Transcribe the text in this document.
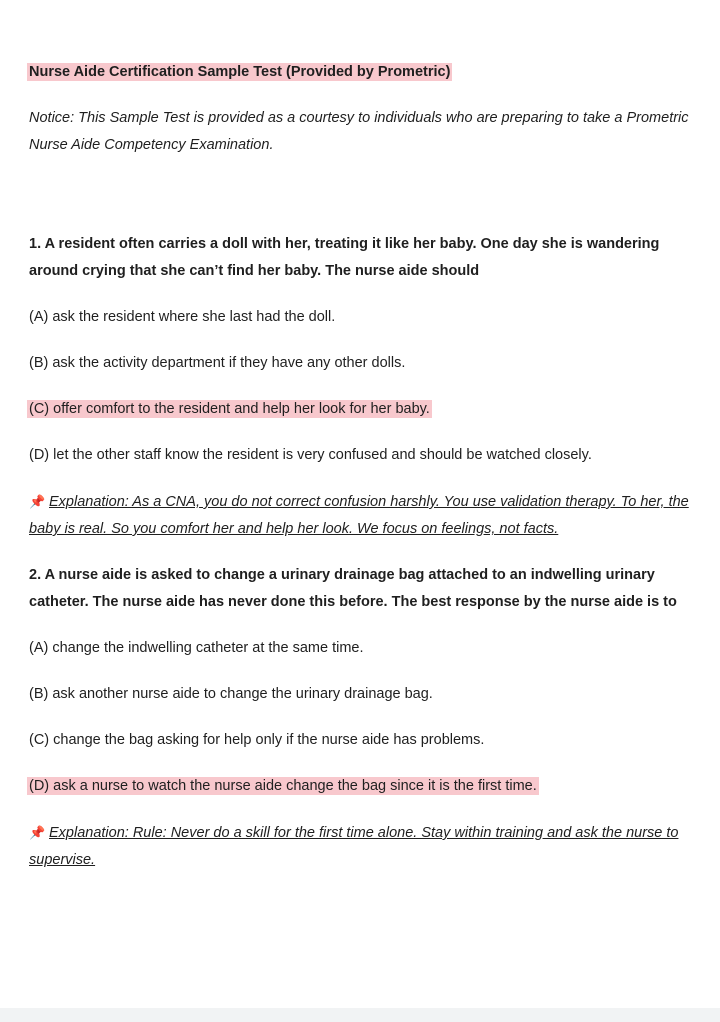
Nurse Aide Certification Sample Test (Provided by Prometric)

Notice: This Sample Test is provided as a courtesy to individuals who are preparing to take a Prometric Nurse Aide Competency Examination.

1. A resident often carries a doll with her, treating it like her baby. One day she is wandering around crying that she can’t find her baby. The nurse aide should

(A) ask the resident where she last had the doll.

(B) ask the activity department if they have any other dolls.

(C) offer comfort to the resident and help her look for her baby.

(D) let the other staff know the resident is very confused and should be watched closely.

📌 Explanation: As a CNA, you do not correct confusion harshly. You use validation therapy. To her, the baby is real. So you comfort her and help her look. We focus on feelings, not facts.

2. A nurse aide is asked to change a urinary drainage bag attached to an indwelling urinary catheter. The nurse aide has never done this before. The best response by the nurse aide is to

(A) change the indwelling catheter at the same time.

(B) ask another nurse aide to change the urinary drainage bag.

(C) change the bag asking for help only if the nurse aide has problems.

(D) ask a nurse to watch the nurse aide change the bag since it is the first time.

📌 Explanation: Rule: Never do a skill for the first time alone. Stay within training and ask the nurse to supervise.
